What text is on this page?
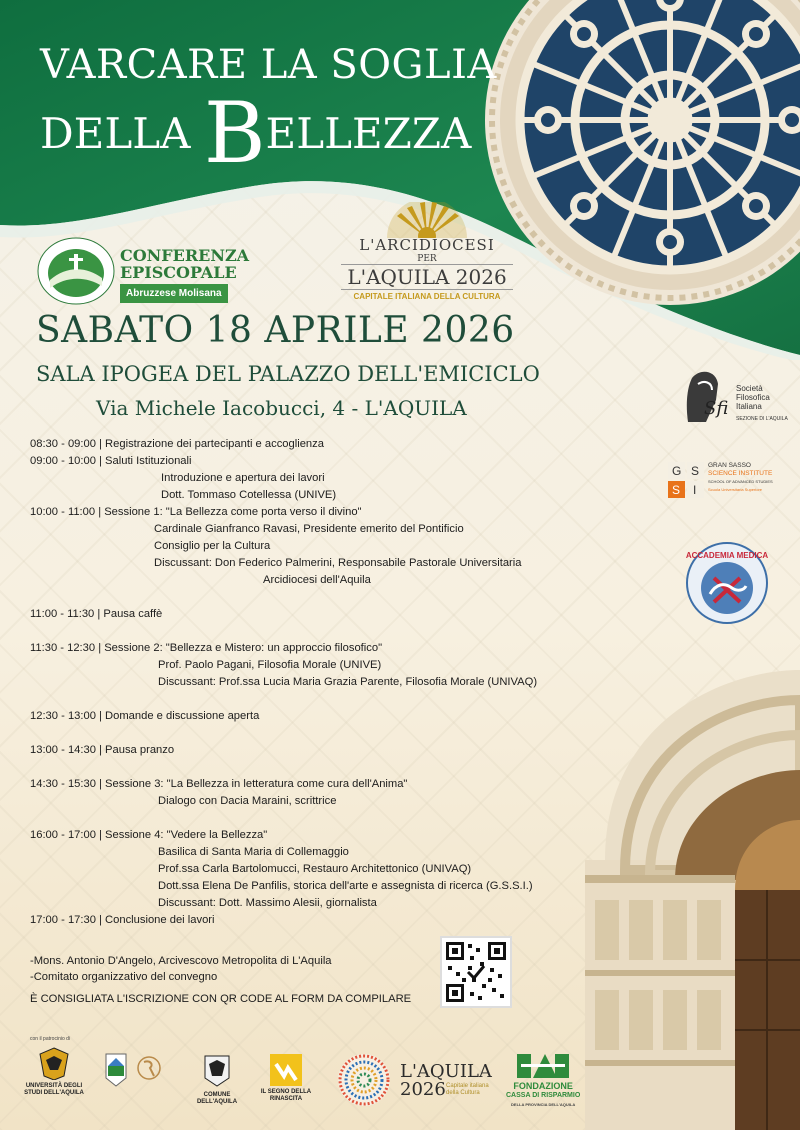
VARCARE LA SOGLIA
DELLA BELLEZZA
CONFERENZA
EPISCOPALE
Abruzzese Molisana
L'ARCIDIOCESI
PER
L'AQUILA 2026
CAPITALE ITALIANA DELLA CULTURA
SABATO 18 APRILE 2026
SALA IPOGEA DEL PALAZZO DELL'EMICICLO
Via Michele Iacobucci, 4 - L'AQUILA	Sfi
Società
Filosofica
Italiana
SEZIONE DI L'AQUILA
G S
S I
GRAN SASSO
SCIENCE INSTITUTE
SCHOOL OF ADVANCED STUDIES
Scuola Universitaria Superiore
ACCADEMIA MEDICA
08:30 - 09:00 | Registrazione dei partecipanti e accoglienza
09:00 - 10:00 | Saluti Istituzionali
Introduzione e apertura dei lavori
Dott. Tommaso Cotellessa (UNIVE)
10:00 - 11:00 | Sessione 1: "La Bellezza come porta verso il divino"
Cardinale Gianfranco Ravasi, Presidente emerito del Pontificio
Consiglio per la Cultura
Discussant: Don Federico Palmerini, Responsabile Pastorale Universitaria
Arcidiocesi dell'Aquila
11:00 - 11:30 | Pausa caffè
11:30 - 12:30 | Sessione 2: "Bellezza e Mistero: un approccio filosofico"
Prof. Paolo Pagani, Filosofia Morale (UNIVE)
Discussant: Prof.ssa Lucia Maria Grazia Parente, Filosofia Morale (UNIVAQ)
12:30 - 13:00 | Domande e discussione aperta
13:00 - 14:30 | Pausa pranzo
14:30 - 15:30 | Sessione 3: "La Bellezza in letteratura come cura dell'Anima"
Dialogo con Dacia Maraini, scrittrice
16:00 - 17:00 | Sessione 4: "Vedere la Bellezza"
Basilica di Santa Maria di Collemaggio
Prof.ssa Carla Bartolomucci, Restauro Architettonico (UNIVAQ)
Dott.ssa Elena De Panfilis, storica dell'arte e assegnista di ricerca (G.S.S.I.)
Discussant: Dott. Massimo Alesii, giornalista
17:00 - 17:30 | Conclusione dei lavori
-Mons. Antonio D'Angelo, Arcivescovo Metropolita di L'Aquila
-Comitato organizzativo del convegno
È CONSIGLIATA L'ISCRIZIONE CON QR CODE AL FORM DA COMPILARE
con il patrocinio di
UNIVERSITÀ DEGLI STUDI DELL'AQUILA	COMUNE DELL'AQUILA
IL SEGNO DELLA RINASCITA
L'AQUILA
2026 Capitale italiana
della Cultura
FONDAZIONE
CASSA DI RISPARMIO
DELLA PROVINCIA DELL'AQUILA
